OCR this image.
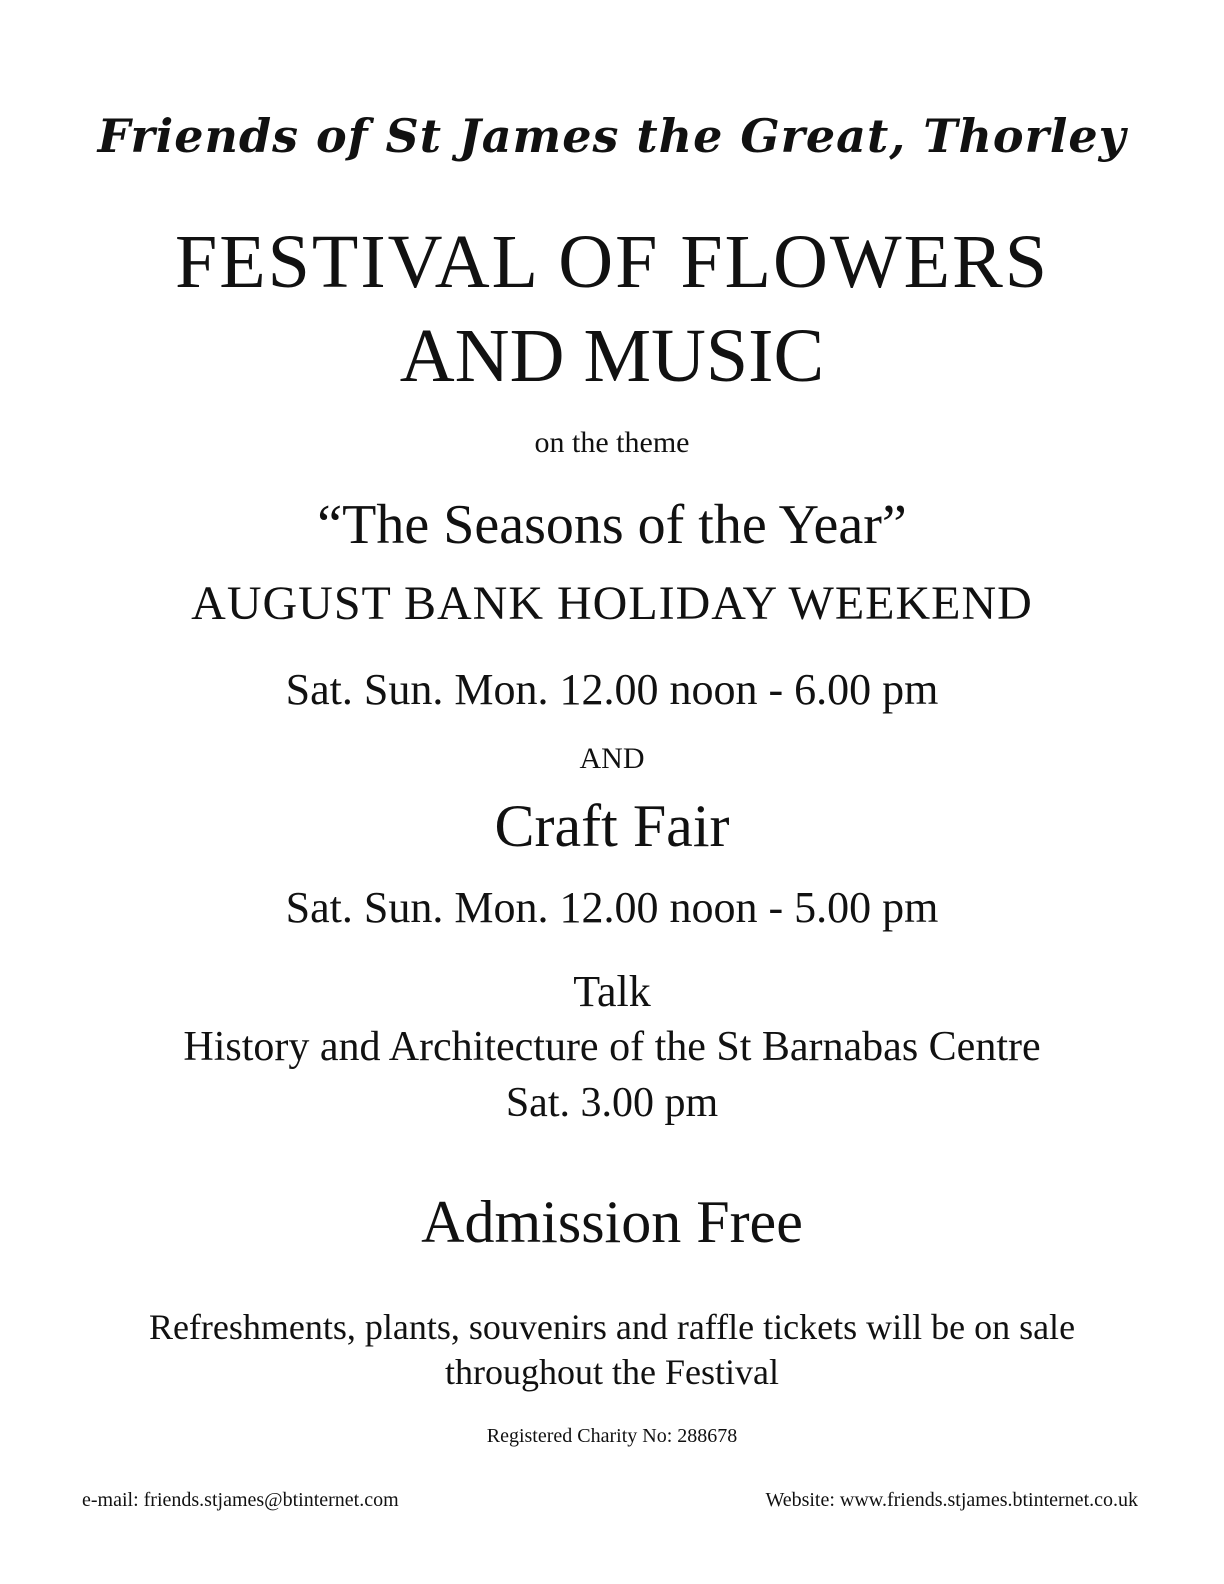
Friends of St James the Great, Thorley
FESTIVAL OF FLOWERS
AND MUSIC
on the theme
“The Seasons of the Year”
AUGUST BANK HOLIDAY WEEKEND
Sat. Sun. Mon. 12.00 noon - 6.00 pm
AND
Craft Fair
Sat. Sun. Mon. 12.00 noon - 5.00 pm
Talk
History and Architecture of the St Barnabas Centre
Sat. 3.00 pm
Admission Free
Refreshments, plants, souvenirs and raffle tickets will be on sale
throughout the Festival
Registered Charity No: 288678
e-mail: friends.stjames@btinternet.com	Website: www.friends.stjames.btinternet.co.uk
